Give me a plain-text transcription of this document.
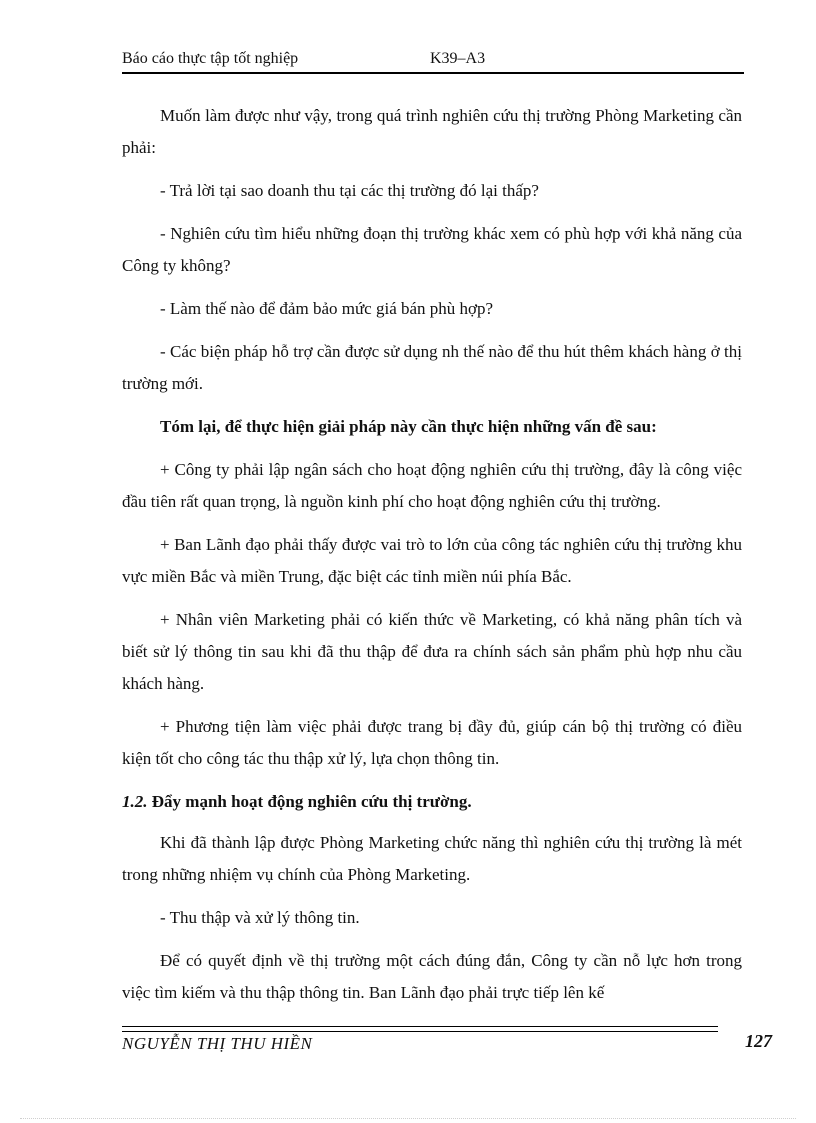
Báo cáo thực tập tốt nghiệp	K39–A3

Muốn làm được như vậy, trong quá trình nghiên cứu thị trường Phòng Marketing cần phải:

- Trả lời tại sao doanh thu tại các thị trường đó lại thấp?

- Nghiên cứu tìm hiểu những đoạn thị trường khác xem có phù hợp với khả năng của Công ty không?

- Làm thế nào để đảm bảo mức giá bán phù hợp?

- Các biện pháp hỗ trợ cần được sử dụng nh thế nào để thu hút thêm khách hàng ở thị trường mới.

Tóm lại, để thực hiện giải pháp này cần thực hiện những vấn đề sau:

+ Công ty phải lập ngân sách cho hoạt động nghiên cứu thị trường, đây là công việc đầu tiên rất quan trọng, là nguồn kinh phí cho hoạt động nghiên cứu thị trường.

+ Ban Lãnh đạo phải thấy được vai trò to lớn của công tác nghiên cứu thị trường khu vực miền Bắc và miền Trung, đặc biệt các tỉnh miền núi phía Bắc.

+ Nhân viên Marketing phải có kiến thức về Marketing, có khả năng phân tích và biết sử lý thông tin sau khi đã thu thập để đưa ra chính sách sản phẩm phù hợp nhu cầu khách hàng.

+ Phương tiện làm việc phải được trang bị đầy đủ, giúp cán bộ thị trường có điều kiện tốt cho công tác thu thập xử lý, lựa chọn thông tin.

1.2. Đẩy mạnh hoạt động nghiên cứu thị trường.

Khi đã thành lập được Phòng Marketing chức năng thì nghiên cứu thị trường là mét trong những nhiệm vụ chính của Phòng Marketing.

- Thu thập và xử lý thông tin.

Để có quyết định về thị trường một cách đúng đắn, Công ty cần nỗ lực hơn trong việc tìm kiếm và thu thập thông tin. Ban Lãnh đạo phải trực tiếp lên kế

NGUYỄN THỊ THU HIỀN	127
